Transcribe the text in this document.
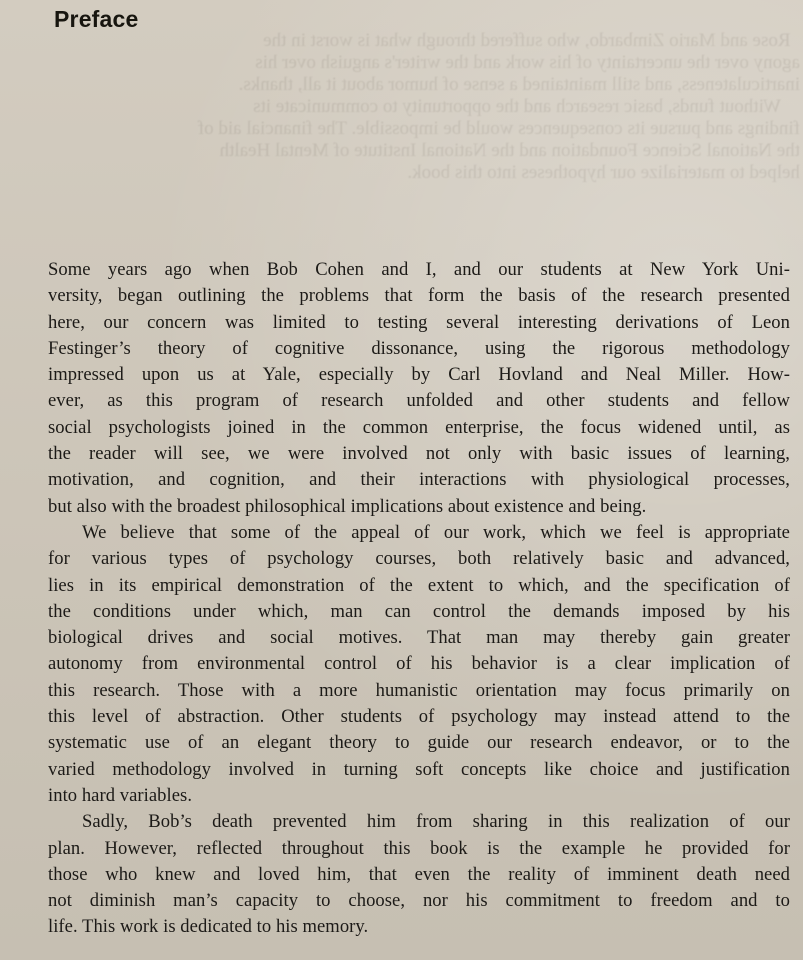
Rose and Mario Zimbardo, who suffered through what is worst in the
agony over the uncertainty of his work and the writer's anguish over his
inarticulateness, and still maintained a sense of humor about it all, thanks.
Without funds, basic research and the opportunity to communicate its
findings and pursue its consequences would be impossible. The financial aid of
the National Science Foundation and the National Institute of Mental Health
helped to materialize our hypotheses into this book.
Preface
Some years ago when Bob Cohen and I, and our students at New York Uni-
versity, began outlining the problems that form the basis of the research presented
here, our concern was limited to testing several interesting derivations of Leon
Festinger’s theory of cognitive dissonance, using the rigorous methodology
impressed upon us at Yale, especially by Carl Hovland and Neal Miller. How-
ever, as this program of research unfolded and other students and fellow
social psychologists joined in the common enterprise, the focus widened until, as
the reader will see, we were involved not only with basic issues of learning,
motivation, and cognition, and their interactions with physiological processes,
but also with the broadest philosophical implications about existence and being.
We believe that some of the appeal of our work, which we feel is appropriate
for various types of psychology courses, both relatively basic and advanced,
lies in its empirical demonstration of the extent to which, and the specification of
the conditions under which, man can control the demands imposed by his
biological drives and social motives. That man may thereby gain greater
autonomy from environmental control of his behavior is a clear implication of
this research. Those with a more humanistic orientation may focus primarily on
this level of abstraction. Other students of psychology may instead attend to the
systematic use of an elegant theory to guide our research endeavor, or to the
varied methodology involved in turning soft concepts like choice and justification
into hard variables.
Sadly, Bob’s death prevented him from sharing in this realization of our
plan. However, reflected throughout this book is the example he provided for
those who knew and loved him, that even the reality of imminent death need
not diminish man’s capacity to choose, nor his commitment to freedom and to
life. This work is dedicated to his memory.
